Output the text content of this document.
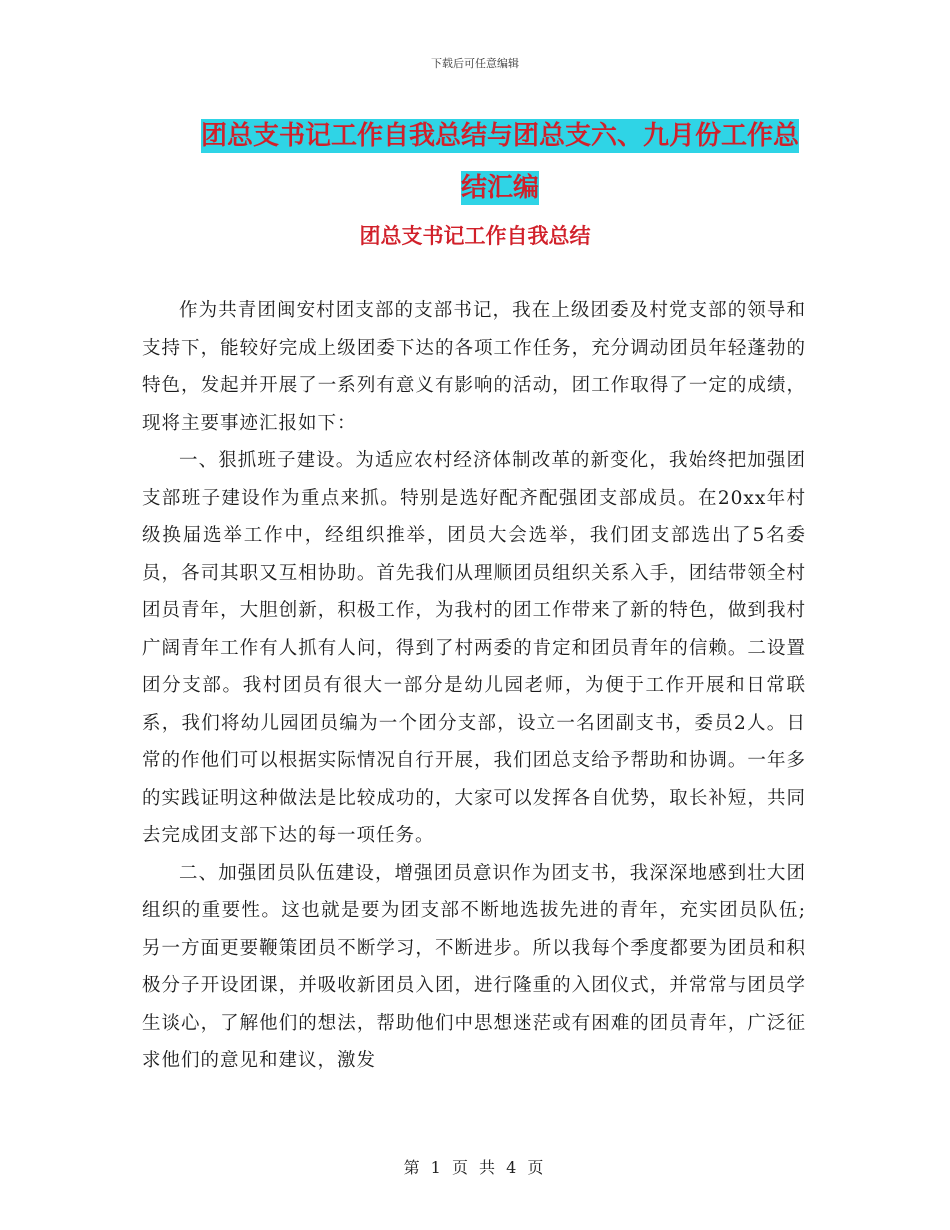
下载后可任意编辑
团总支书记工作自我总结与团总支六、九月份工作总结汇编
团总支书记工作自我总结

作为共青团闽安村团支部的支部书记，我在上级团委及村党支部的领导和支持下，能较好完成上级团委下达的各项工作任务，充分调动团员年轻蓬勃的特色，发起并开展了一系列有意义有影响的活动，团工作取得了一定的成绩，现将主要事迹汇报如下：

一、狠抓班子建设。为适应农村经济体制改革的新变化，我始终把加强团支部班子建设作为重点来抓。特别是选好配齐配强团支部成员。在20xx年村级换届选举工作中，经组织推举，团员大会选举，我们团支部选出了5名委员，各司其职又互相协助。首先我们从理顺团员组织关系入手，团结带领全村团员青年，大胆创新，积极工作，为我村的团工作带来了新的特色，做到我村广阔青年工作有人抓有人问，得到了村两委的肯定和团员青年的信赖。二设置团分支部。我村团员有很大一部分是幼儿园老师，为便于工作开展和日常联系，我们将幼儿园团员编为一个团分支部，设立一名团副支书，委员2人。日常的作他们可以根据实际情况自行开展，我们团总支给予帮助和协调。一年多的实践证明这种做法是比较成功的，大家可以发挥各自优势，取长补短，共同去完成团支部下达的每一项任务。

二、加强团员队伍建设，增强团员意识作为团支书，我深深地感到壮大团组织的重要性。这也就是要为团支部不断地选拔先进的青年，充实团员队伍;另一方面更要鞭策团员不断学习，不断进步。所以我每个季度都要为团员和积极分子开设团课，并吸收新团员入团，进行隆重的入团仪式，并常常与团员学生谈心，了解他们的想法，帮助他们中思想迷茫或有困难的团员青年，广泛征求他们的意见和建议，激发

第 1 页 共 4 页
